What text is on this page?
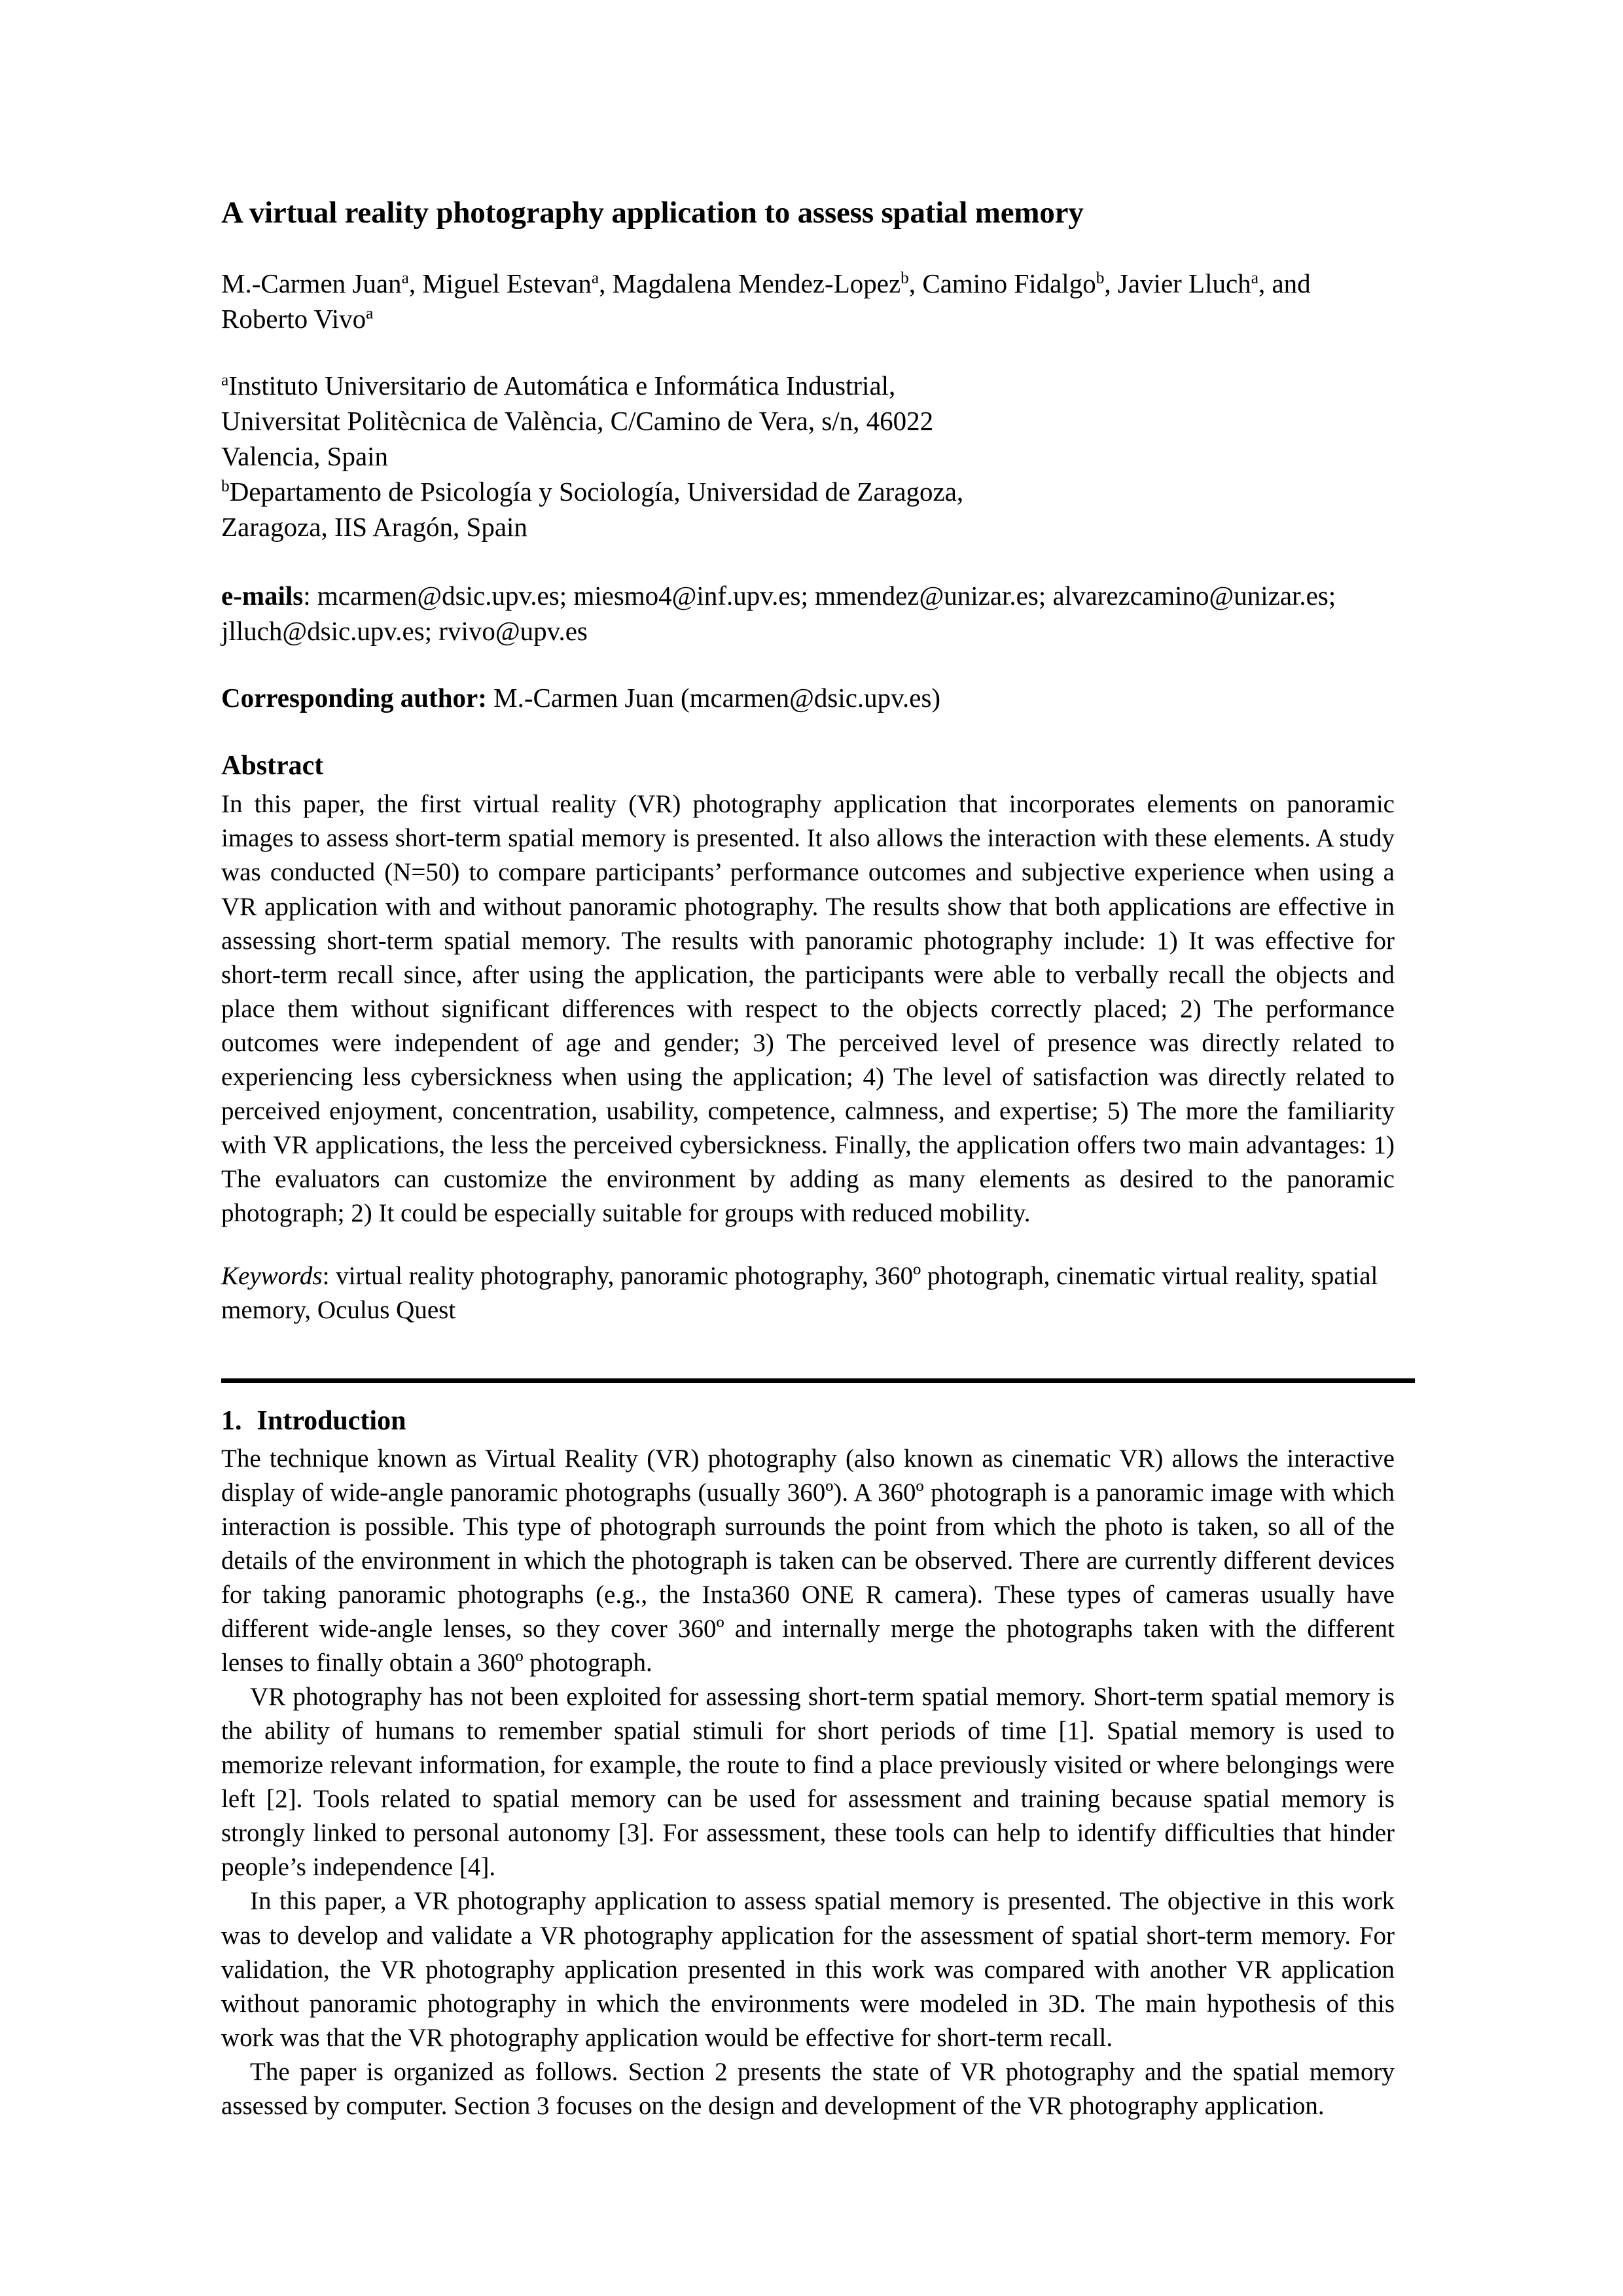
A virtual reality photography application to assess spatial memory

M.-Carmen Juan$^a$, Miguel Estevan$^a$, Magdalena Mendez-Lopez$^b$, Camino Fidalgo$^b$, Javier Lluch$^a$, and Roberto Vivo$^a$

$^a$Instituto Universitario de Automática e Informática Industrial,
Universitat Politècnica de València, C/Camino de Vera, s/n, 46022
Valencia, Spain
$^b$Departamento de Psicología y Sociología, Universidad de Zaragoza,
Zaragoza, IIS Aragón, Spain

e-mails: mcarmen@dsic.upv.es; miesmo4@inf.upv.es; mmendez@unizar.es; alvarezcamino@unizar.es; jlluch@dsic.upv.es; rvivo@upv.es

Corresponding author: M.-Carmen Juan (mcarmen@dsic.upv.es)

Abstract

In this paper, the first virtual reality (VR) photography application that incorporates elements on panoramic images to assess short-term spatial memory is presented. It also allows the interaction with these elements. A study was conducted (N=50) to compare participants’ performance outcomes and subjective experience when using a VR application with and without panoramic photography. The results show that both applications are effective in assessing short-term spatial memory. The results with panoramic photography include: 1) It was effective for short-term recall since, after using the application, the participants were able to verbally recall the objects and place them without significant differences with respect to the objects correctly placed; 2) The performance outcomes were independent of age and gender; 3) The perceived level of presence was directly related to experiencing less cybersickness when using the application; 4) The level of satisfaction was directly related to perceived enjoyment, concentration, usability, competence, calmness, and expertise; 5) The more the familiarity with VR applications, the less the perceived cybersickness. Finally, the application offers two main advantages: 1) The evaluators can customize the environment by adding as many elements as desired to the panoramic photograph; 2) It could be especially suitable for groups with reduced mobility.

Keywords: virtual reality photography, panoramic photography, 360º photograph, cinematic virtual reality, spatial memory, Oculus Quest

1. Introduction

The technique known as Virtual Reality (VR) photography (also known as cinematic VR) allows the interactive display of wide-angle panoramic photographs (usually 360º). A 360º photograph is a panoramic image with which interaction is possible. This type of photograph surrounds the point from which the photo is taken, so all of the details of the environment in which the photograph is taken can be observed. There are currently different devices for taking panoramic photographs (e.g., the Insta360 ONE R camera). These types of cameras usually have different wide-angle lenses, so they cover 360º and internally merge the photographs taken with the different lenses to finally obtain a 360º photograph.

VR photography has not been exploited for assessing short-term spatial memory. Short-term spatial memory is the ability of humans to remember spatial stimuli for short periods of time [1]. Spatial memory is used to memorize relevant information, for example, the route to find a place previously visited or where belongings were left [2]. Tools related to spatial memory can be used for assessment and training because spatial memory is strongly linked to personal autonomy [3]. For assessment, these tools can help to identify difficulties that hinder people’s independence [4].

In this paper, a VR photography application to assess spatial memory is presented. The objective in this work was to develop and validate a VR photography application for the assessment of spatial short-term memory. For validation, the VR photography application presented in this work was compared with another VR application without panoramic photography in which the environments were modeled in 3D. The main hypothesis of this work was that the VR photography application would be effective for short-term recall.

The paper is organized as follows. Section 2 presents the state of VR photography and the spatial memory assessed by computer. Section 3 focuses on the design and development of the VR photography application.
